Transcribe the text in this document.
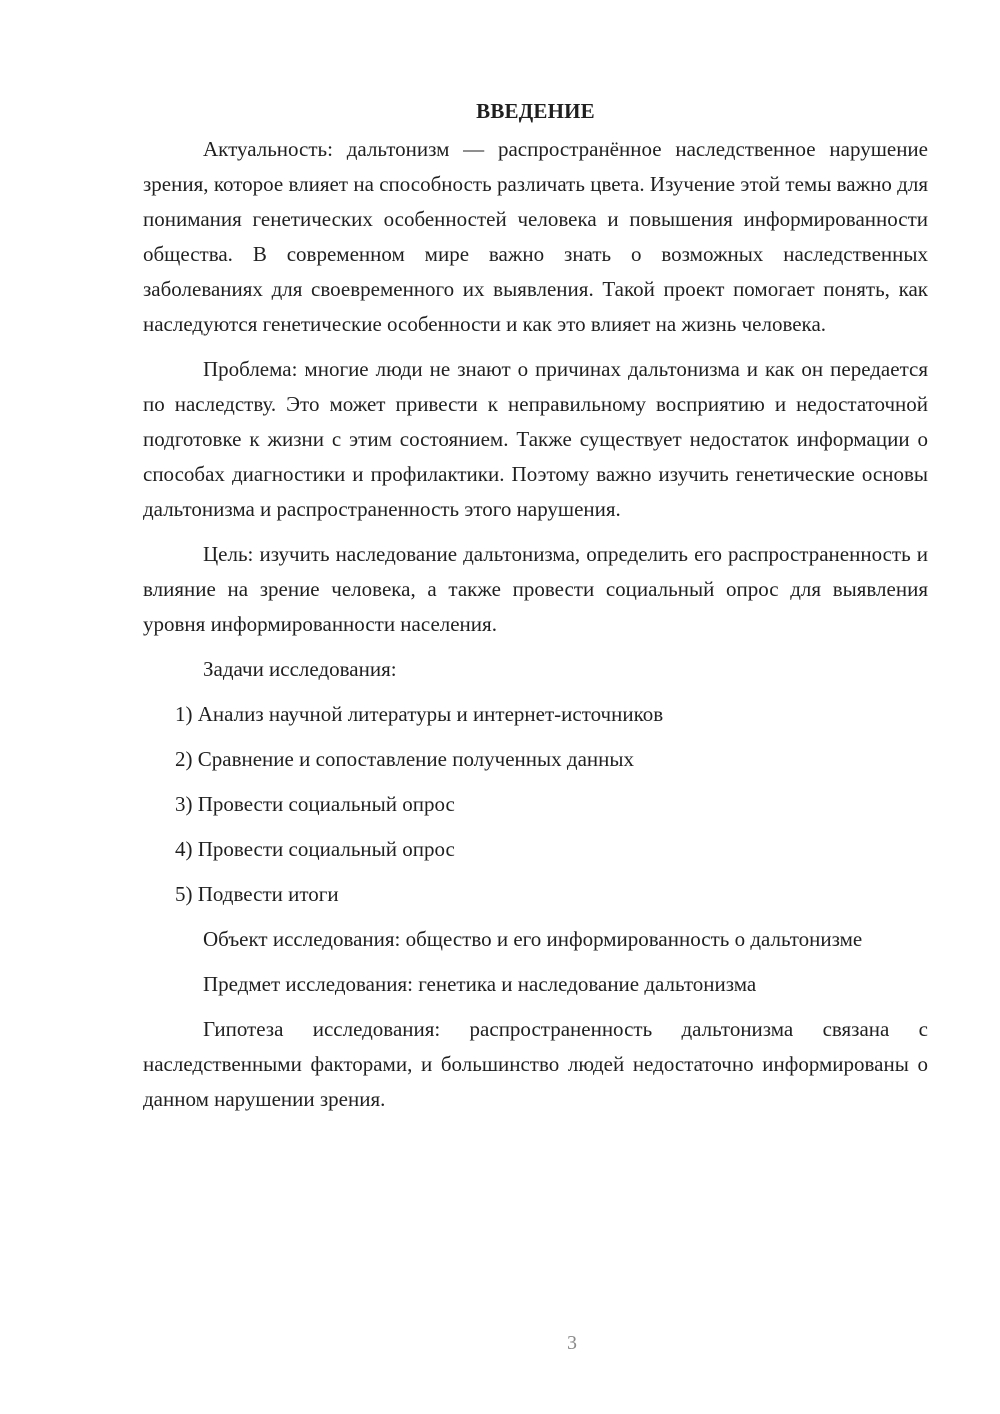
ВВЕДЕНИЕ

Актуальность: дальтонизм — распространённое наследственное нарушение зрения, которое влияет на способность различать цвета. Изучение этой темы важно для понимания генетических особенностей человека и повышения информированности общества. В современном мире важно знать о возможных наследственных заболеваниях для своевременного их выявления. Такой проект помогает понять, как наследуются генетические особенности и как это влияет на жизнь человека.

Проблема: многие люди не знают о причинах дальтонизма и как он передается по наследству. Это может привести к неправильному восприятию и недостаточной подготовке к жизни с этим состоянием. Также существует недостаток информации о способах диагностики и профилактики. Поэтому важно изучить генетические основы дальтонизма и распространенность этого нарушения.

Цель: изучить наследование дальтонизма, определить его распространенность и влияние на зрение человека, а также провести социальный опрос для выявления уровня информированности населения.

Задачи исследования:

1) Анализ научной литературы и интернет-источников
2) Сравнение и сопоставление полученных данных
3) Провести социальный опрос
4) Провести социальный опрос
5) Подвести итоги

Объект исследования: общество и его информированность о дальтонизме

Предмет исследования: генетика и наследование дальтонизма

Гипотеза исследования: распространенность дальтонизма связана с наследственными факторами, и большинство людей недостаточно информированы о данном нарушении зрения.

3
